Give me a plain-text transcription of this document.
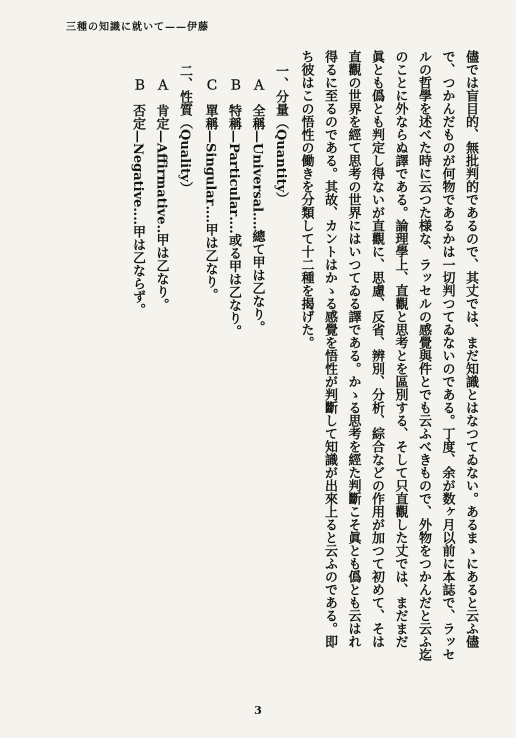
三種の知識に就いて——伊藤

儘では盲目的、無批判的であるので、其丈では、まだ知識とはなつてゐない。あるまゝにあると云ふ儘

で、つかんだものが何物であるかは一切判つてゐないのである。丁度、余が数ヶ月以前に本誌で、ラッセ

ルの哲學を述べた時に云つた様な、ラッセルの感覺與件とでも云ふべきもので、外物をつかんだと云ふ迄

のことに外ならぬ譯である。論理學上、直觀と思考とを區別する、そして只直觀した丈では、まだまだ

眞とも僞とも判定し得ないが直觀に、思慮、反省、辨別、分析、綜合などの作用が加つて初めて、そは

直觀の世界を經て思考の世界にはいつてゐる譯である。かゝる思考を經た判斷こそ眞とも僞とも云はれ

得るに至るのである。其故、カントはかゝる感覺を悟性が判斷して知識が出來上ると云ふのである。即

ち彼はこの悟性の働きを分類して十二種を揭げた。

一、分量（Quantity）

Ａ　全稱—Universal‥‥總て甲は乙なり。

Ｂ　特稱—Particular‥‥或る甲は乙なり。

Ｃ　單稱—Singular‥‥甲は乙なり。

二、性質（Quality）

Ａ　肯定—Affirmative‥甲は乙なり。

Ｂ　否定—Negative‥‥甲は乙ならず。

3
